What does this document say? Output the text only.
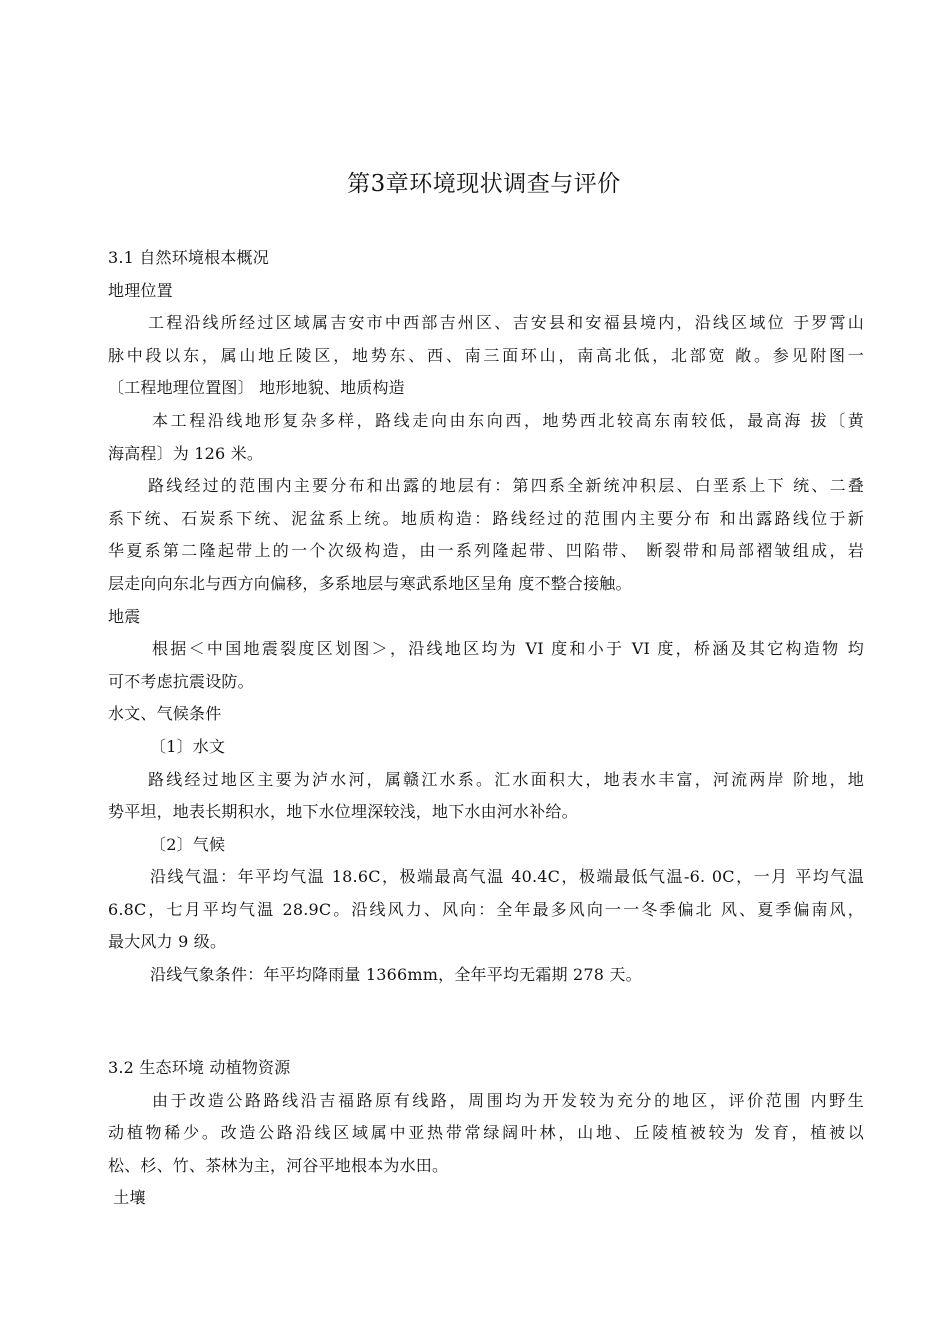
第3章环境现状调查与评价
3.1 自然环境根本概况
地理位置
工程沿线所经过区域属吉安市中西部吉州区、吉安县和安福县境内，沿线区域位 于罗霄山
脉中段以东，属山地丘陵区，地势东、西、南三面环山，南高北低，北部宽 敞。参见附图一
〔工程地理位置图〕 地形地貌、地质构造
本工程沿线地形复杂多样，路线走向由东向西，地势西北较高东南较低，最高海 拔〔黄
海高程〕为 126 米。
路线经过的范围内主要分布和出露的地层有：第四系全新统冲积层、白垩系上下 统、二叠
系下统、石炭系下统、泥盆系上统。地质构造：路线经过的范围内主要分布 和出露路线位于新
华夏系第二隆起带上的一个次级构造，由一系列隆起带、凹陷带、 断裂带和局部褶皱组成，岩
层走向向东北与西方向偏移，多系地层与寒武系地区呈角 度不整合接触。
地震
根据＜中国地震裂度区划图＞，沿线地区均为 VI 度和小于 VI 度，桥涵及其它构造物 均
可不考虑抗震设防。
水文、气候条件
〔1〕水文
路线经过地区主要为泸水河，属赣江水系。汇水面积大，地表水丰富，河流两岸 阶地，地
势平坦，地表长期积水，地下水位埋深较浅，地下水由河水补给。
〔2〕气候
沿线气温：年平均气温 18.6C，极端最高气温 40.4C，极端最低气温-6. 0C，一月 平均气温
6.8C，七月平均气温 28.9C。沿线风力、风向：全年最多风向一一冬季偏北 风、夏季偏南风，
最大风力 9 级。
沿线气象条件：年平均降雨量 1366mm，全年平均无霜期 278 天。
3.2 生态环境 动植物资源
由于改造公路路线沿吉福路原有线路，周围均为开发较为充分的地区，评价范围 内野生
动植物稀少。改造公路沿线区域属中亚热带常绿阔叶林，山地、丘陵植被较为 发育，植被以
松、杉、竹、茶林为主，河谷平地根本为水田。
土壤
